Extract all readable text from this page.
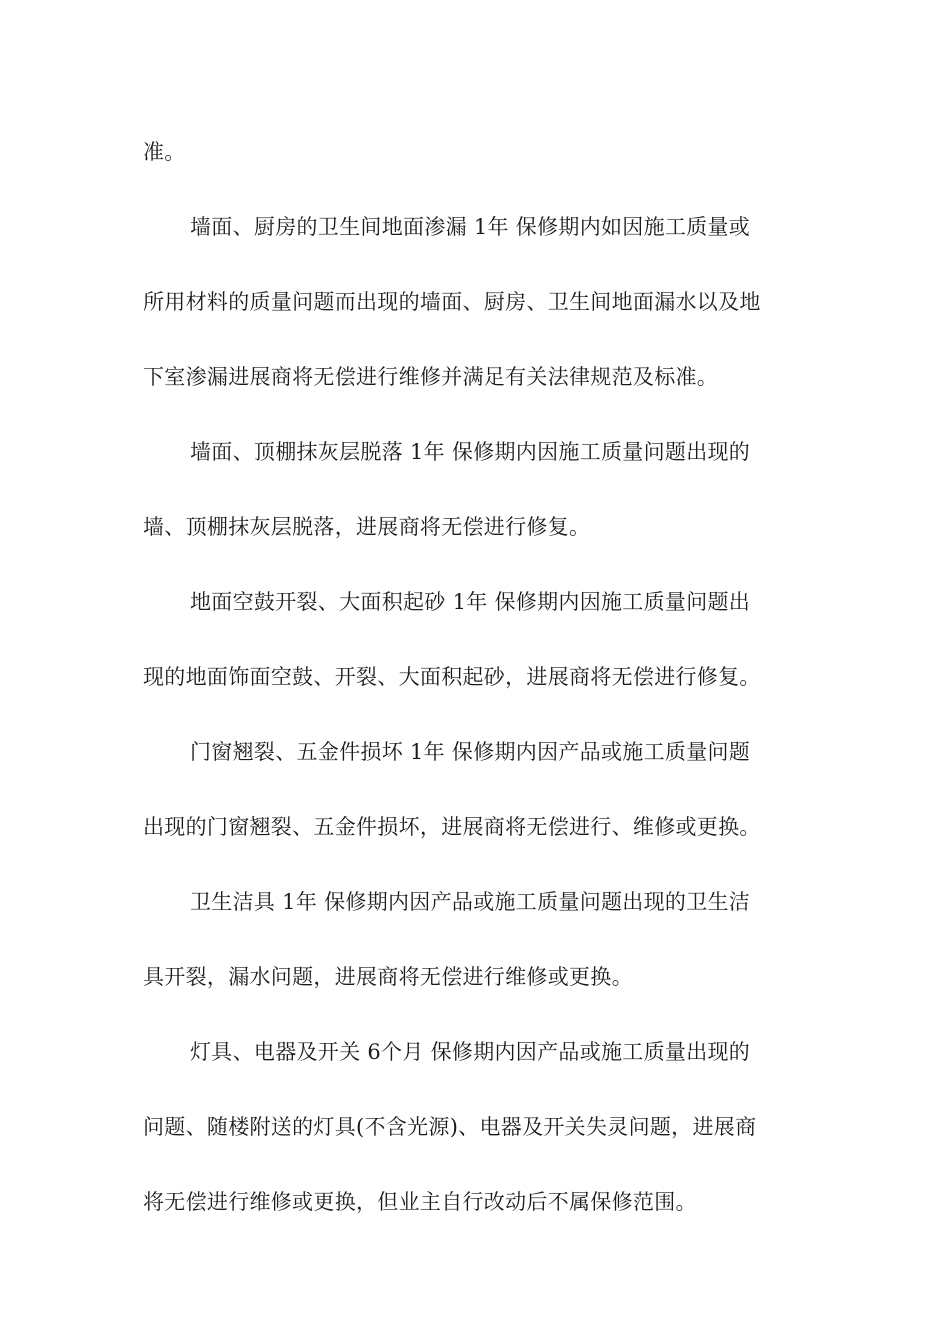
准。
墙面、厨房的卫生间地面渗漏 1年 保修期内如因施工质量或
所用材料的质量问题而出现的墙面、厨房、卫生间地面漏水以及地
下室渗漏进展商将无偿进行维修并满足有关法律规范及标准。
墙面、顶棚抹灰层脱落 1年 保修期内因施工质量问题出现的
墙、顶棚抹灰层脱落，进展商将无偿进行修复。
地面空鼓开裂、大面积起砂 1年 保修期内因施工质量问题出
现的地面饰面空鼓、开裂、大面积起砂，进展商将无偿进行修复。
门窗翘裂、五金件损坏 1年 保修期内因产品或施工质量问题
出现的门窗翘裂、五金件损坏，进展商将无偿进行、维修或更换。
卫生洁具 1年 保修期内因产品或施工质量问题出现的卫生洁
具开裂，漏水问题，进展商将无偿进行维修或更换。
灯具、电器及开关 6个月 保修期内因产品或施工质量出现的
问题、随楼附送的灯具(不含光源)、电器及开关失灵问题，进展商
将无偿进行维修或更换，但业主自行改动后不属保修范围。
